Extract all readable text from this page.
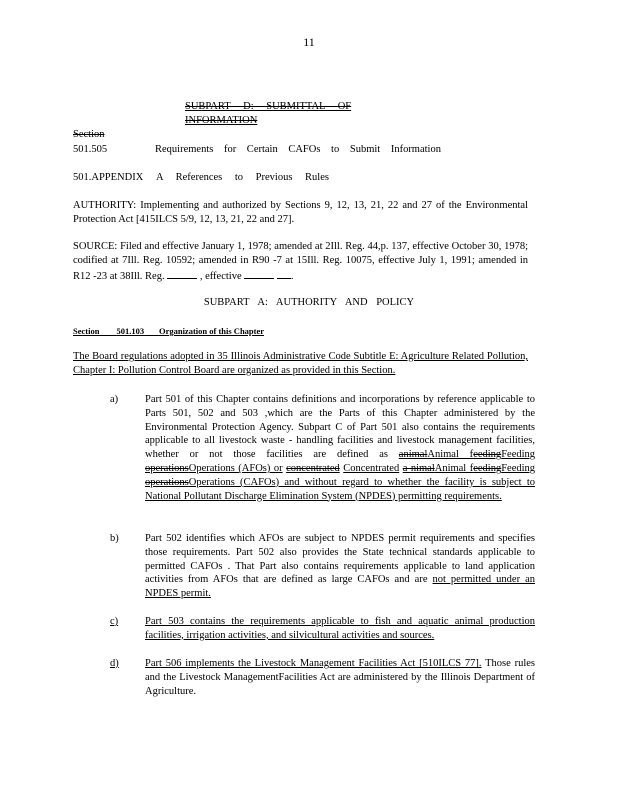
11
SUBPART D: SUBMITTAL OF INFORMATION
Section
501.505	Requirements for Certain CAFOs to Submit Information
501.APPENDIX A References to Previous Rules
AUTHORITY: Implementing and authorized by Sections 9, 12, 13, 21, 22 and 27 of the Environmental Protection Act [415ILCS 5/9, 12, 13, 21, 22 and 27].
SOURCE: Filed and effective January 1, 1978; amended at 2Ill. Reg. 44,p. 137, effective October 30, 1978; codified at 7Ill. Reg. 10592; amended in R90 -7 at 15Ill. Reg. 10075, effective July 1, 1991; amended in R12 -23 at 38Ill. Reg.	, effective	.
SUBPART A: AUTHORITY AND POLICY
Section 501.103 Organization of this Chapter
The Board regulations adopted in 35 Illinois Administrative Code Subtitle E: Agriculture Related Pollution, Chapter I: Pollution Control Board are organized as provided in this Section.
a)	Part 501 of this Chapter contains definitions and incorporations by reference applicable to Parts 501, 502 and 503 ,which are the Parts of this Chapter administered by the Environmental Protection Agency. Subpart C of Part 501 also contains the requirements applicable to all livestock waste - handling facilities and livestock management facilities, whether or not those facilities are defined as animalAnimal feedingFeeding operationsOperations (AFOs) or concentrated Concentrated a nimalAnimal feedingFeeding operationsOperations (CAFOs) and without regard to whether the facility is subject to National Pollutant Discharge Elimination System (NPDES) permitting requirements.
b)	Part 502 identifies which AFOs are subject to NPDES permit requirements and specifies those requirements. Part 502 also provides the State technical standards applicable to permitted CAFOs . That Part also contains requirements applicable to land application activities from AFOs that are defined as large CAFOs and are not permitted under an NPDES permit.
c)	Part 503 contains the requirements applicable to fish and aquatic animal production facilities, irrigation activities, and silvicultural activities and sources.
d)	Part 506 implements the Livestock Management Facilities Act [510ILCS 77]. Those rules and the Livestock ManagementFacilities Act are administered by the Illinois Department of Agriculture.
